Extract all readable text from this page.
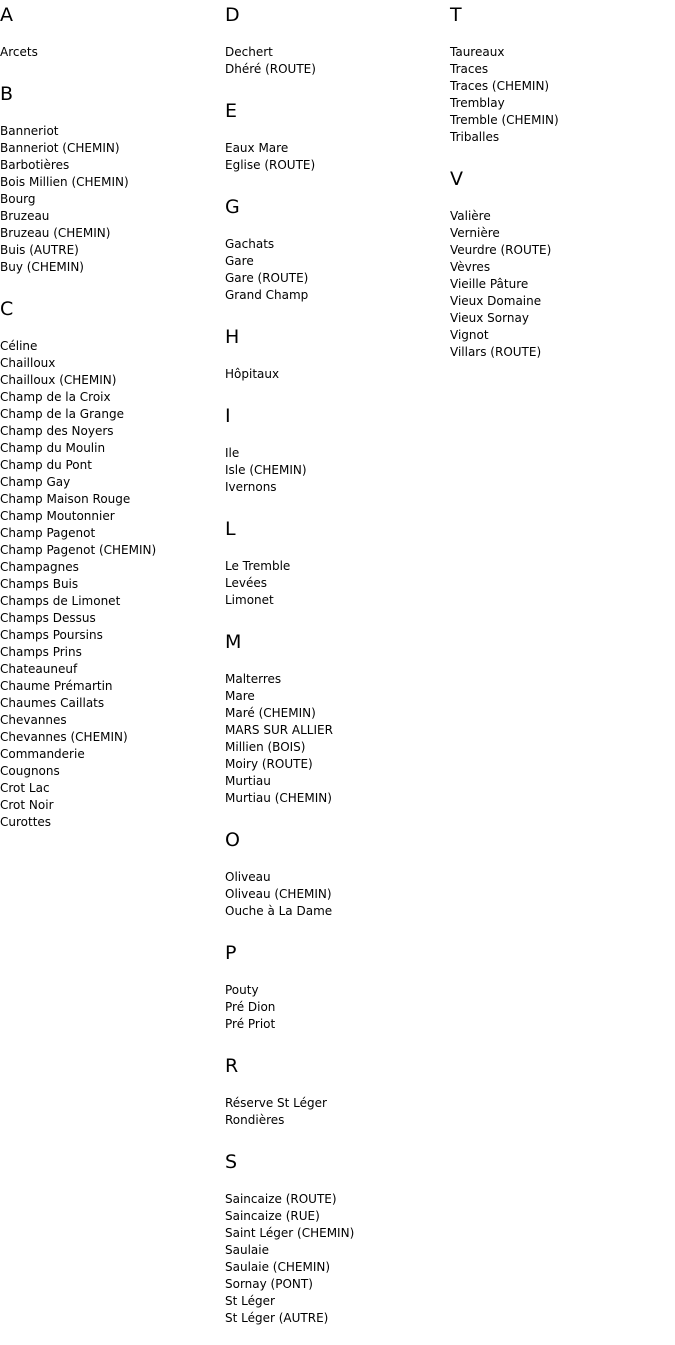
A
Arcets
B
Banneriot
Banneriot (CHEMIN)
Barbotières
Bois Millien (CHEMIN)
Bourg
Bruzeau
Bruzeau (CHEMIN)
Buis (AUTRE)
Buy (CHEMIN)
C
Céline
Chailloux
Chailloux (CHEMIN)
Champ de la Croix
Champ de la Grange
Champ des Noyers
Champ du Moulin
Champ du Pont
Champ Gay
Champ Maison Rouge
Champ Moutonnier
Champ Pagenot
Champ Pagenot (CHEMIN)
Champagnes
Champs Buis
Champs de Limonet
Champs Dessus
Champs Poursins
Champs Prins
Chateauneuf
Chaume Prémartin
Chaumes Caillats
Chevannes
Chevannes (CHEMIN)
Commanderie
Cougnons
Crot Lac
Crot Noir
Curottes
D
Dechert
Dhéré (ROUTE)
E
Eaux Mare
Eglise (ROUTE)
G
Gachats
Gare
Gare (ROUTE)
Grand Champ
H
Hôpitaux
I
Ile
Isle (CHEMIN)
Ivernons
L
Le Tremble
Levées
Limonet
M
Malterres
Mare
Maré (CHEMIN)
MARS SUR ALLIER
Millien (BOIS)
Moiry (ROUTE)
Murtiau
Murtiau (CHEMIN)
O
Oliveau
Oliveau (CHEMIN)
Ouche à La Dame
P
Pouty
Pré Dion
Pré Priot
R
Réserve St Léger
Rondières
S
Saincaize (ROUTE)
Saincaize (RUE)
Saint Léger (CHEMIN)
Saulaie
Saulaie (CHEMIN)
Sornay (PONT)
St Léger
St Léger (AUTRE)
T
Taureaux
Traces
Traces (CHEMIN)
Tremblay
Tremble (CHEMIN)
Triballes
V
Valière
Vernière
Veurdre (ROUTE)
Vèvres
Vieille Pâture
Vieux Domaine
Vieux Sornay
Vignot
Villars (ROUTE)
